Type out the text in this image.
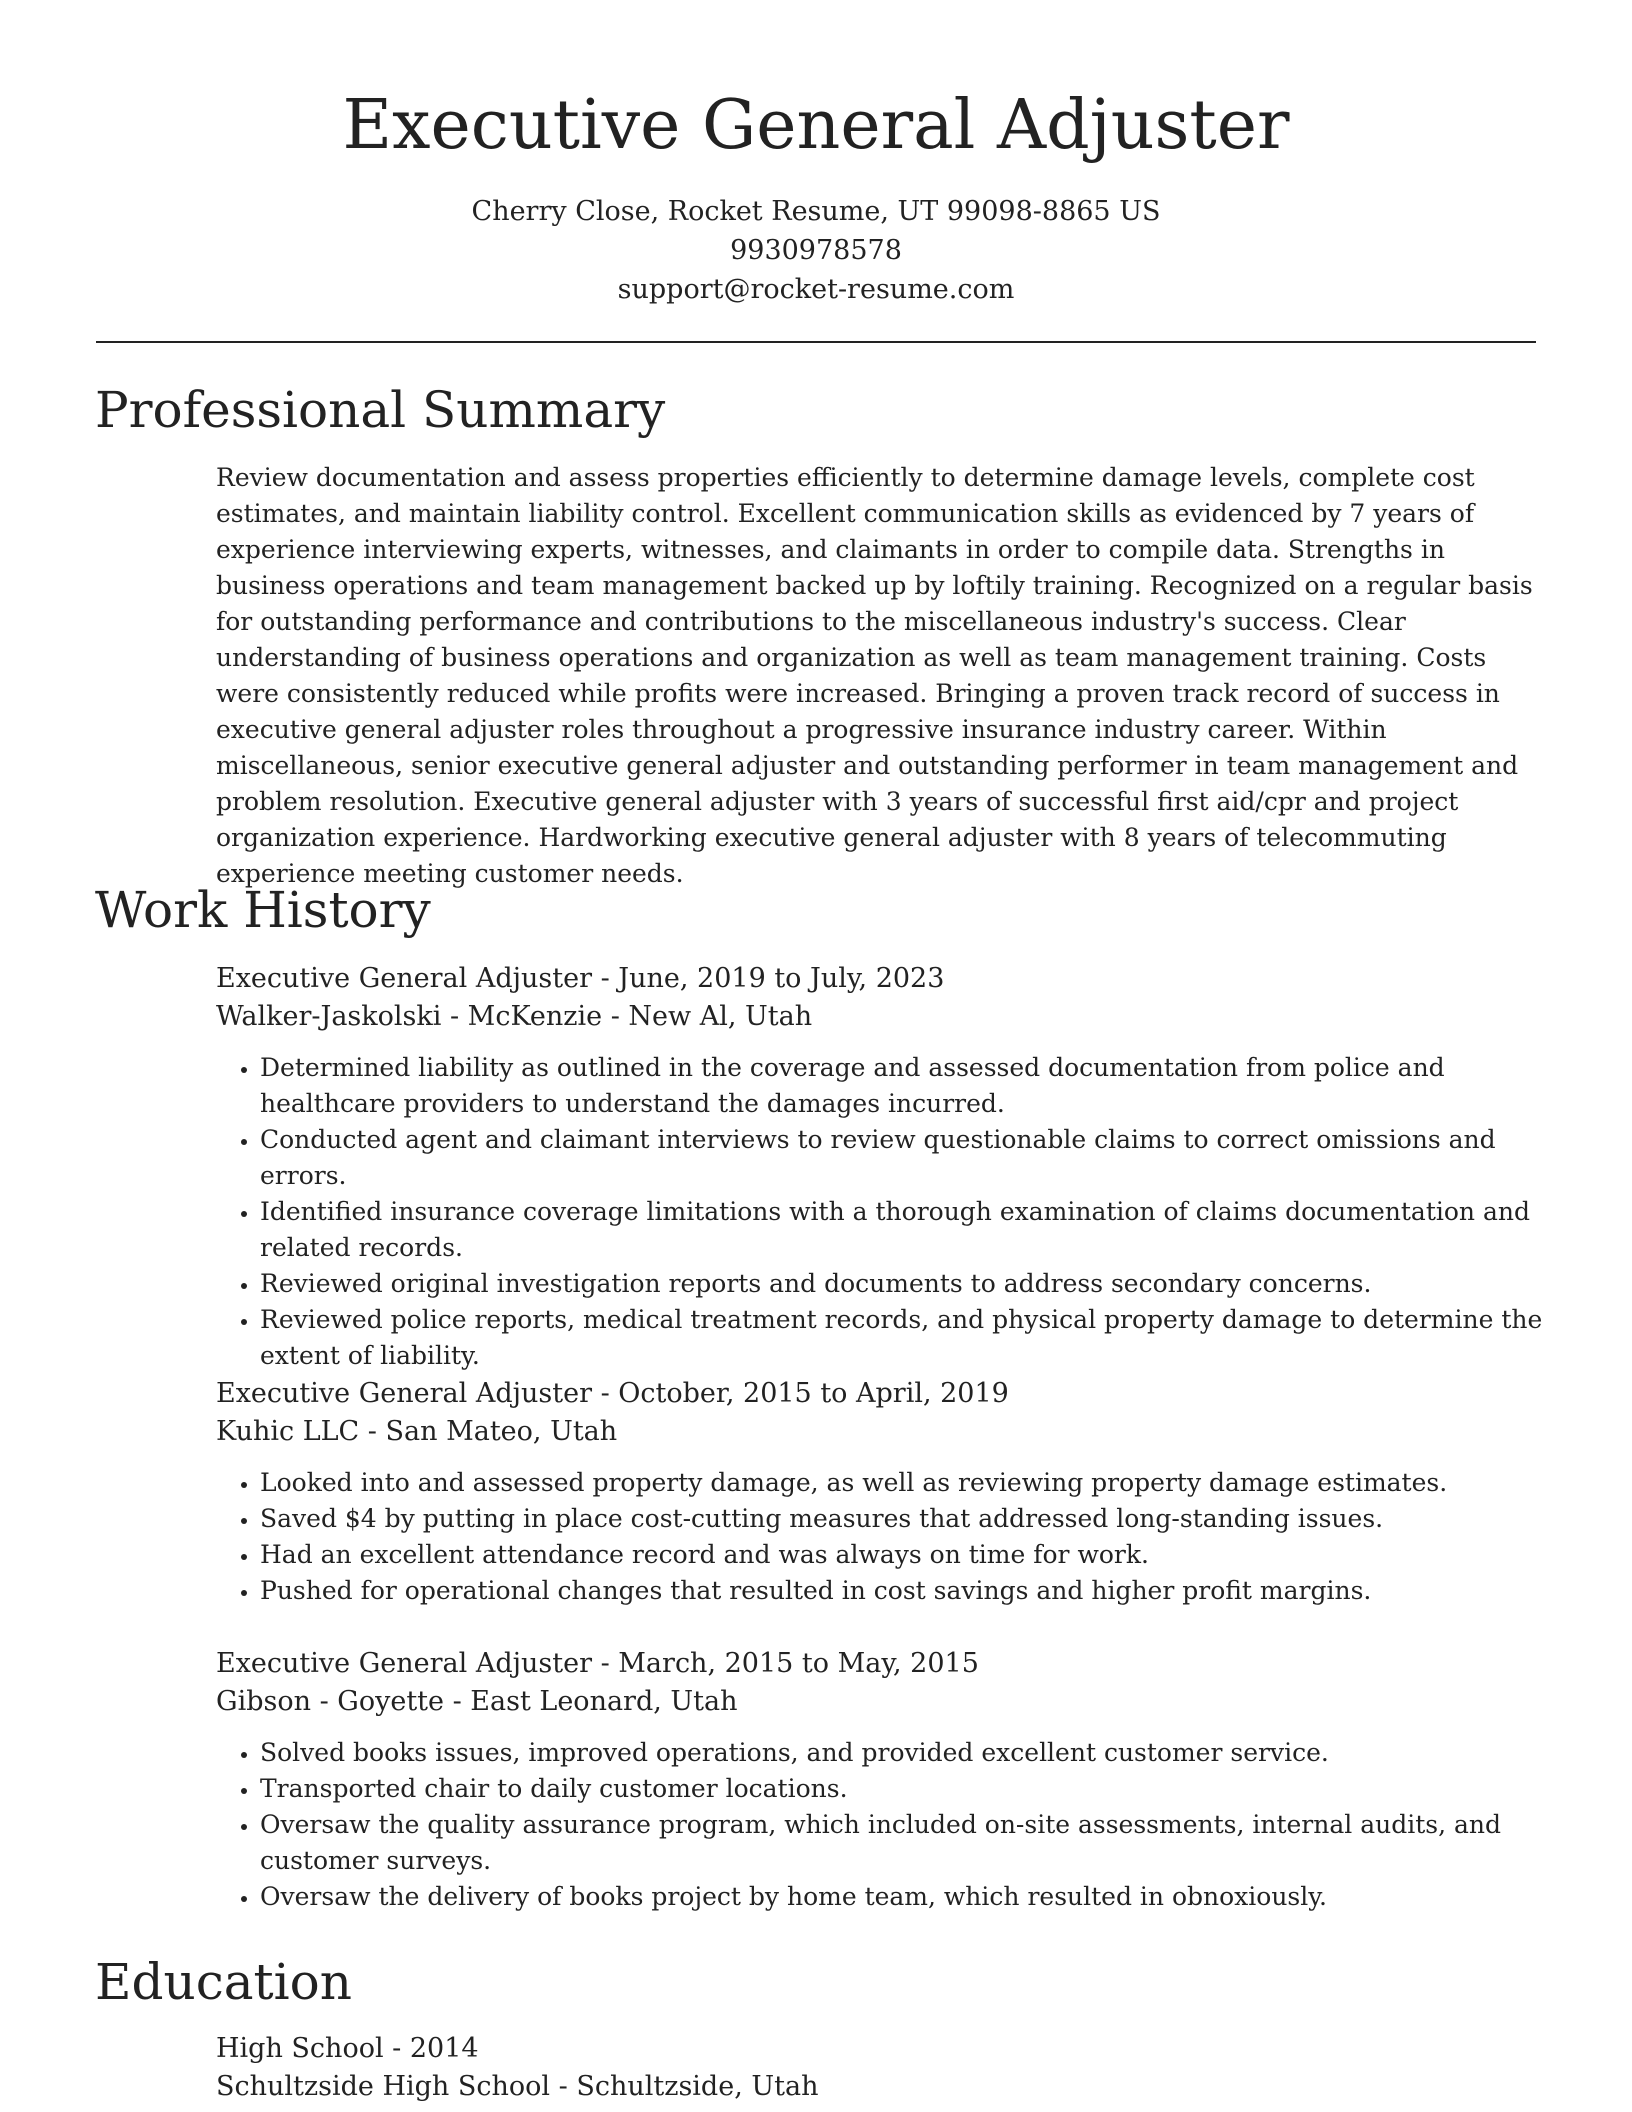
Executive General Adjuster
Cherry Close, Rocket Resume, UT 99098-8865 US
9930978578
support@rocket-resume.com
Professional Summary

Review documentation and assess properties efficiently to determine damage levels, complete cost estimates, and maintain liability control. Excellent communication skills as evidenced by 7 years of experience interviewing experts, witnesses, and claimants in order to compile data. Strengths in business operations and team management backed up by loftily training. Recognized on a regular basis for outstanding performance and contributions to the miscellaneous industry's success. Clear understanding of business operations and organization as well as team management training. Costs were consistently reduced while profits were increased. Bringing a proven track record of success in executive general adjuster roles throughout a progressive insurance industry career. Within miscellaneous, senior executive general adjuster and outstanding performer in team management and problem resolution. Executive general adjuster with 3 years of successful first aid/cpr and project organization experience. Hardworking executive general adjuster with 8 years of telecommuting experience meeting customer needs.

Work History
Executive General Adjuster - June, 2019 to July, 2023
Walker-Jaskolski - McKenzie - New Al, Utah
• Determined liability as outlined in the coverage and assessed documentation from police and healthcare providers to understand the damages incurred.
• Conducted agent and claimant interviews to review questionable claims to correct omissions and errors.
• Identified insurance coverage limitations with a thorough examination of claims documentation and related records.
• Reviewed original investigation reports and documents to address secondary concerns.
• Reviewed police reports, medical treatment records, and physical property damage to determine the extent of liability.
Executive General Adjuster - October, 2015 to April, 2019
Kuhic LLC - San Mateo, Utah
• Looked into and assessed property damage, as well as reviewing property damage estimates.
• Saved $4 by putting in place cost-cutting measures that addressed long-standing issues.
• Had an excellent attendance record and was always on time for work.
• Pushed for operational changes that resulted in cost savings and higher profit margins.
Executive General Adjuster - March, 2015 to May, 2015
Gibson - Goyette - East Leonard, Utah
• Solved books issues, improved operations, and provided excellent customer service.
• Transported chair to daily customer locations.
• Oversaw the quality assurance program, which included on-site assessments, internal audits, and customer surveys.
• Oversaw the delivery of books project by home team, which resulted in obnoxiously.
Education
High School - 2014
Schultzside High School - Schultzside, Utah
